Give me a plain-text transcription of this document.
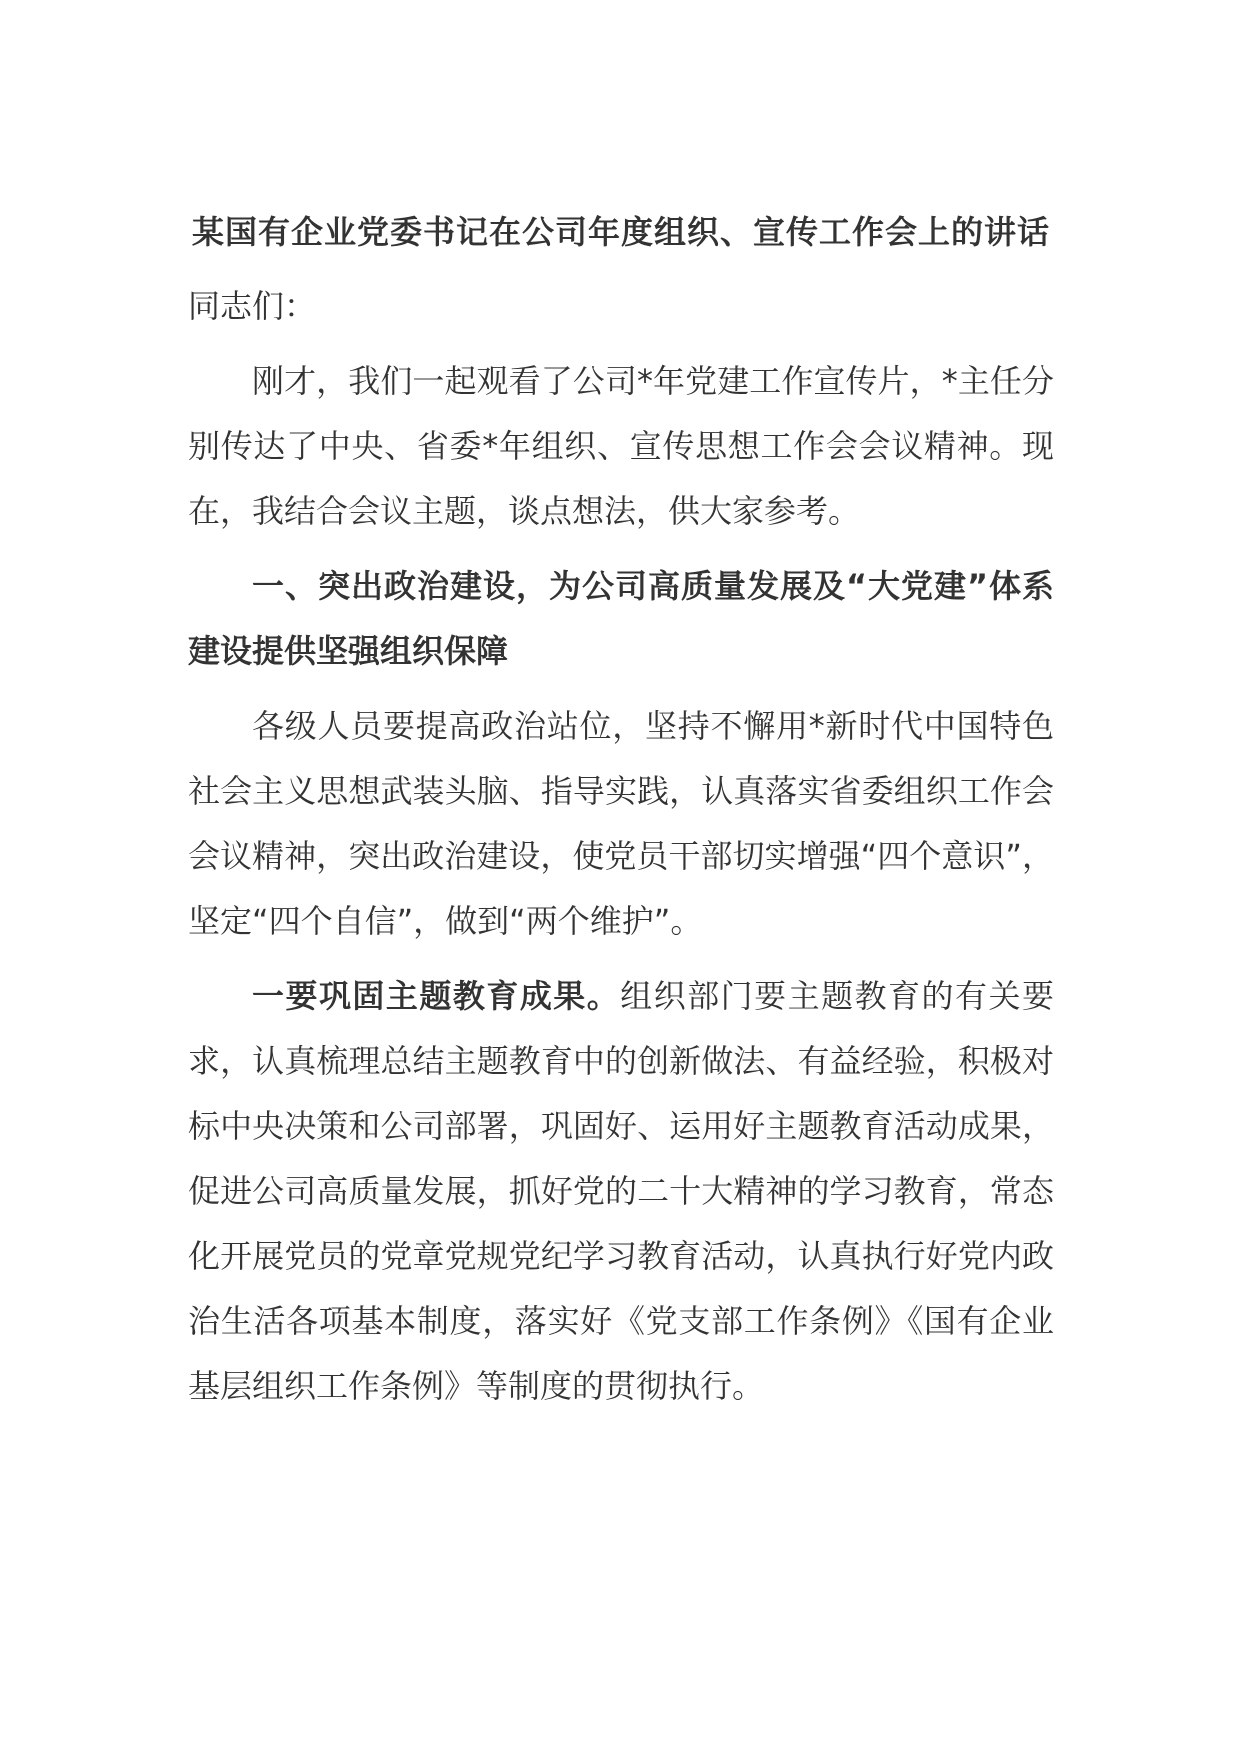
某国有企业党委书记在公司年度组织、宣传工作会上的讲话
同志们：
刚才，我们一起观看了公司*年党建工作宣传片，*主任分别传达了中央、省委*年组织、宣传思想工作会会议精神。现在，我结合会议主题，谈点想法，供大家参考。
一、突出政治建设，为公司高质量发展及“大党建”体系建设提供坚强组织保障
各级人员要提高政治站位，坚持不懈用*新时代中国特色社会主义思想武装头脑、指导实践，认真落实省委组织工作会会议精神，突出政治建设，使党员干部切实增强“四个意识”，坚定“四个自信”，做到“两个维护”。
一要巩固主题教育成果。组织部门要主题教育的有关要求，认真梳理总结主题教育中的创新做法、有益经验，积极对标中央决策和公司部署，巩固好、运用好主题教育活动成果，促进公司高质量发展，抓好党的二十大精神的学习教育，常态化开展党员的党章党规党纪学习教育活动，认真执行好党内政治生活各项基本制度，落实好《党支部工作条例》《国有企业基层组织工作条例》等制度的贯彻执行。
